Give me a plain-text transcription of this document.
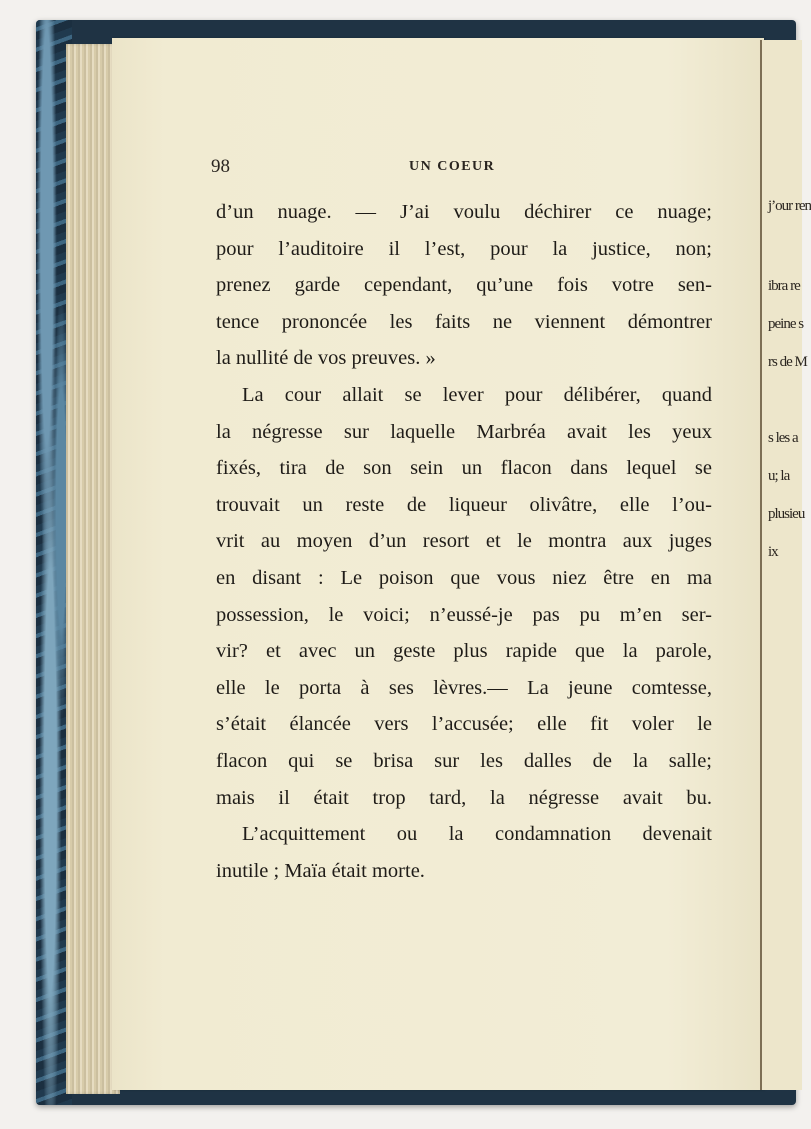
j’our ren
ibra re
peine s
rs de M
s les a
u; la
plusieu
ix
98	UN COEUR
d’un nuage. — J’ai voulu déchirer ce nuage;
pour l’auditoire il l’est, pour la justice, non;
prenez garde cependant, qu’une fois votre sen-
tence prononcée les faits ne viennent démontrer
la nullité de vos preuves. »
La cour allait se lever pour délibérer, quand
la négresse sur laquelle Marbréa avait les yeux
fixés, tira de son sein un flacon dans lequel se
trouvait un reste de liqueur olivâtre, elle l’ou-
vrit au moyen d’un resort et le montra aux juges
en disant : Le poison que vous niez être en ma
possession, le voici; n’eussé-je pas pu m’en ser-
vir? et avec un geste plus rapide que la parole,
elle le porta à ses lèvres.— La jeune comtesse,
s’était élancée vers l’accusée; elle fit voler le
flacon qui se brisa sur les dalles de la salle;
mais il était trop tard, la négresse avait bu.
L’acquittement ou la condamnation devenait
inutile ; Maïa était morte.
